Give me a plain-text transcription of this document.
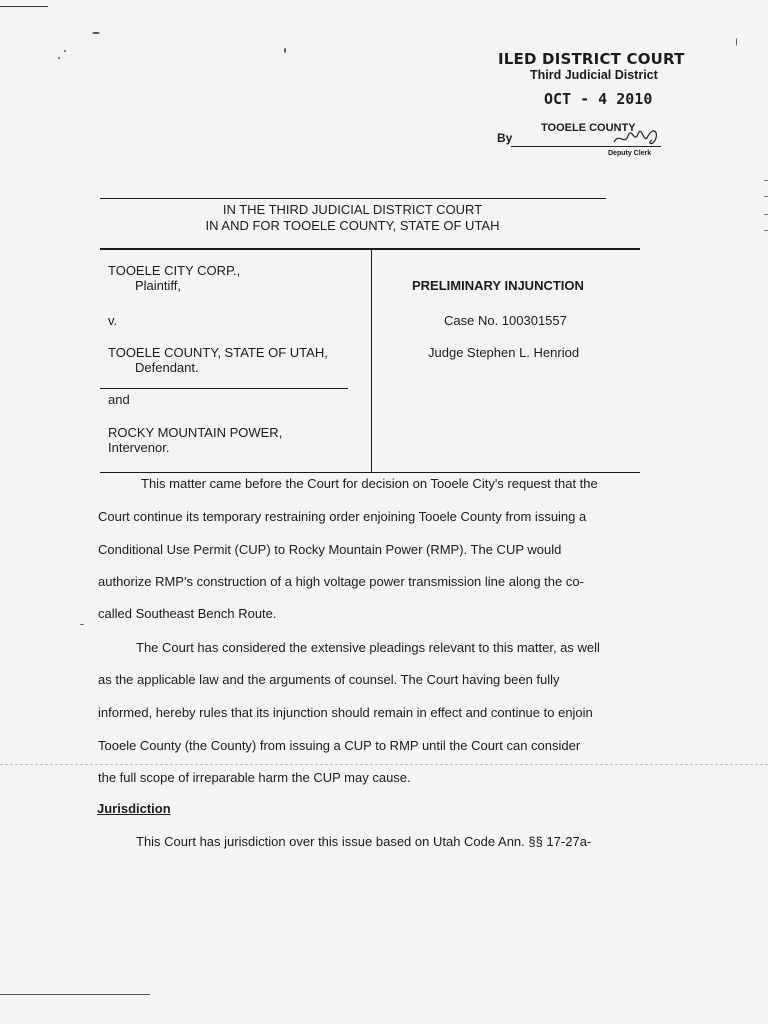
ILED DISTRICT COURT
Third Judicial District
OCT - 4 2010
TOOELE COUNTY
By
Deputy Clerk
IN THE THIRD JUDICIAL DISTRICT COURT
IN AND FOR TOOELE COUNTY, STATE OF UTAH
TOOELE CITY CORP.,
Plaintiff,
v.
TOOELE COUNTY, STATE OF UTAH,
Defendant.
and
ROCKY MOUNTAIN POWER,
Intervenor.
PRELIMINARY INJUNCTION
Case No. 100301557
Judge Stephen L. Henriod
This matter came before the Court for decision on Tooele City's request that the
Court continue its temporary restraining order enjoining Tooele County from issuing a
Conditional Use Permit (CUP) to Rocky Mountain Power (RMP). The CUP would
authorize RMP's construction of a high voltage power transmission line along the co-
called Southeast Bench Route.
The Court has considered the extensive pleadings relevant to this matter, as well
as the applicable law and the arguments of counsel. The Court having been fully
informed, hereby rules that its injunction should remain in effect and continue to enjoin
Tooele County (the County) from issuing a CUP to RMP until the Court can consider
the full scope of irreparable harm the CUP may cause.
Jurisdiction
This Court has jurisdiction over this issue based on Utah Code Ann. §§ 17-27a-
